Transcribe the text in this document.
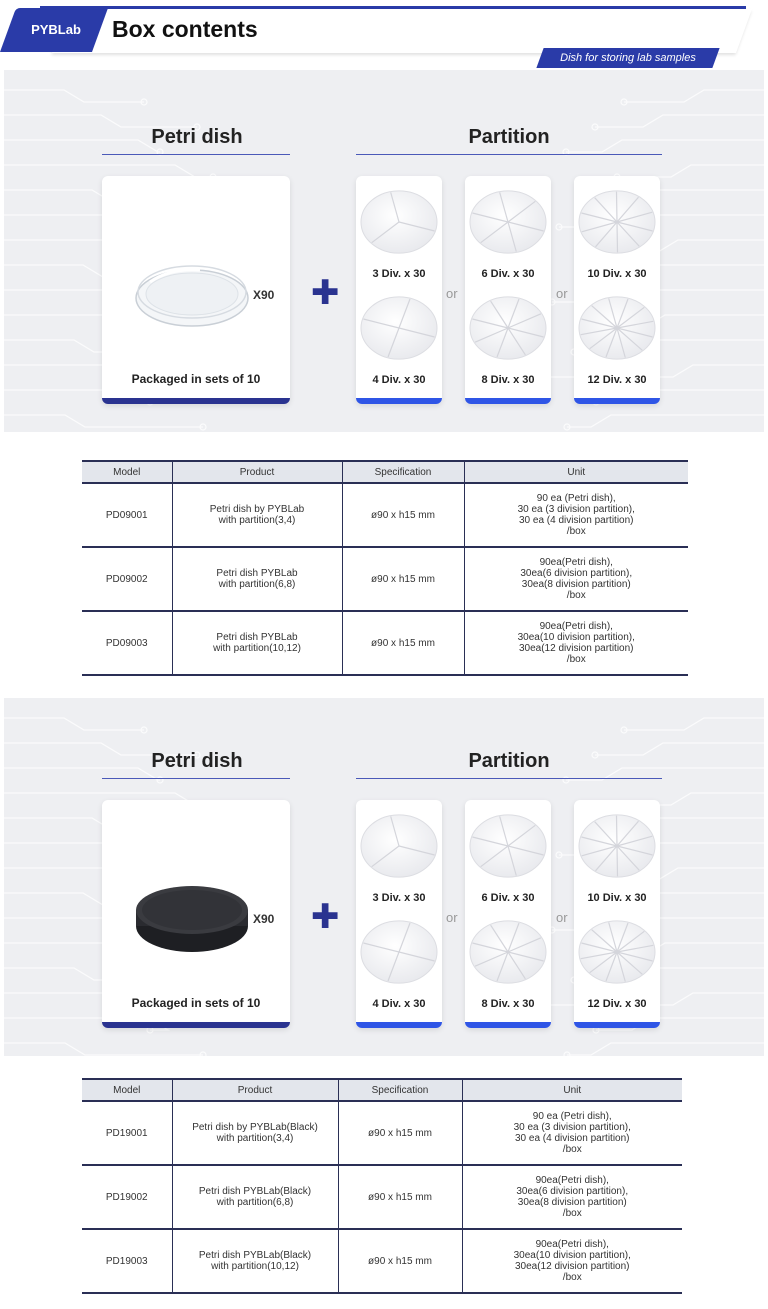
PYBLab	Box contents
Dish for storing lab samples
Petri dish	Partition
X90
Packaged in sets of 10
✚	3 Div. x 30
4 Div. x 30
6 Div. x 30
8 Div. x 30
10 Div. x 30
12 Div. x 30
or	or
Model	Product	Specification	Unit
PD09001	Petri dish by PYBLab
with partition(3,4)	ø90 x h15 mm	90 ea (Petri dish),
30 ea (3 division partition),
30 ea (4 division partition)
/box
PD09002	Petri dish PYBLab
with partition(6,8)	ø90 x h15 mm	90ea(Petri dish),
30ea(6 division partition),
30ea(8 division partition)
/box
PD09003	Petri dish PYBLab
with partition(10,12)	ø90 x h15 mm	90ea(Petri dish),
30ea(10 division partition),
30ea(12 division partition)
/box
Petri dish	Partition
X90
Packaged in sets of 10
✚	3 Div. x 30
4 Div. x 30
6 Div. x 30
8 Div. x 30
10 Div. x 30
12 Div. x 30
or	or
Model	Product	Specification	Unit
PD19001	Petri dish by PYBLab(Black)
with partition(3,4)	ø90 x h15 mm	90 ea (Petri dish),
30 ea (3 division partition),
30 ea (4 division partition)
/box
PD19002	Petri dish PYBLab(Black)
with partition(6,8)	ø90 x h15 mm	90ea(Petri dish),
30ea(6 division partition),
30ea(8 division partition)
/box
PD19003	Petri dish PYBLab(Black)
with partition(10,12)	ø90 x h15 mm	90ea(Petri dish),
30ea(10 division partition),
30ea(12 division partition)
/box
